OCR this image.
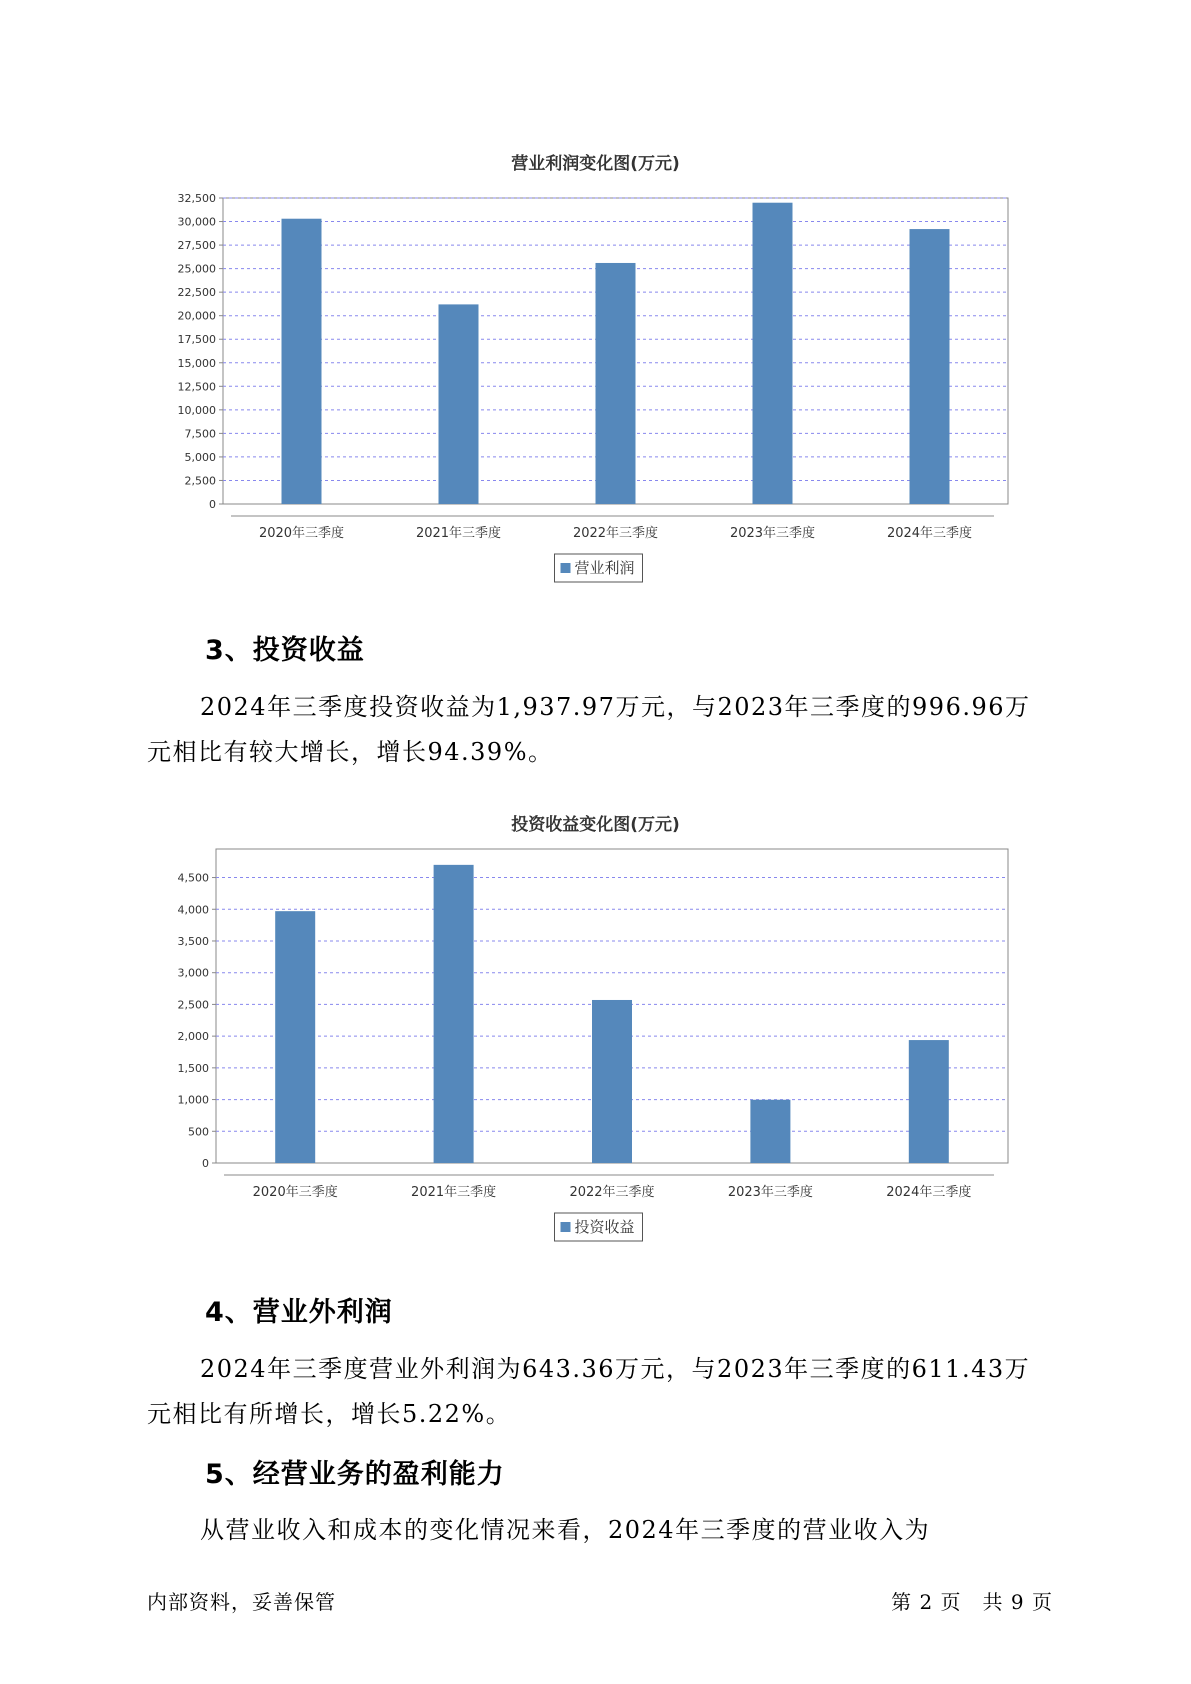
营业利润变化图(万元)
0
2,500
5,000
7,500
10,000
12,500
15,000
17,500
20,000
22,500
25,000
27,500
30,000
32,500
2020年三季度	2021年三季度	2022年三季度	2023年三季度	2024年三季度
营业利润
3、投资收益

2024年三季度投资收益为1,937.97万元，与2023年三季度的996.96万
元相比有较大增长，增长94.39%。

投资收益变化图(万元)
0
500
1,000
1,500
2,000
2,500
3,000
3,500
4,000
4,500
2020年三季度	2021年三季度	2022年三季度	2023年三季度	2024年三季度
投资收益
4、营业外利润

2024年三季度营业外利润为643.36万元，与2023年三季度的611.43万
元相比有所增长，增长5.22%。

5、经营业务的盈利能力

从营业收入和成本的变化情况来看，2024年三季度的营业收入为

内部资料，妥善保管	第 2 页　共 9 页
